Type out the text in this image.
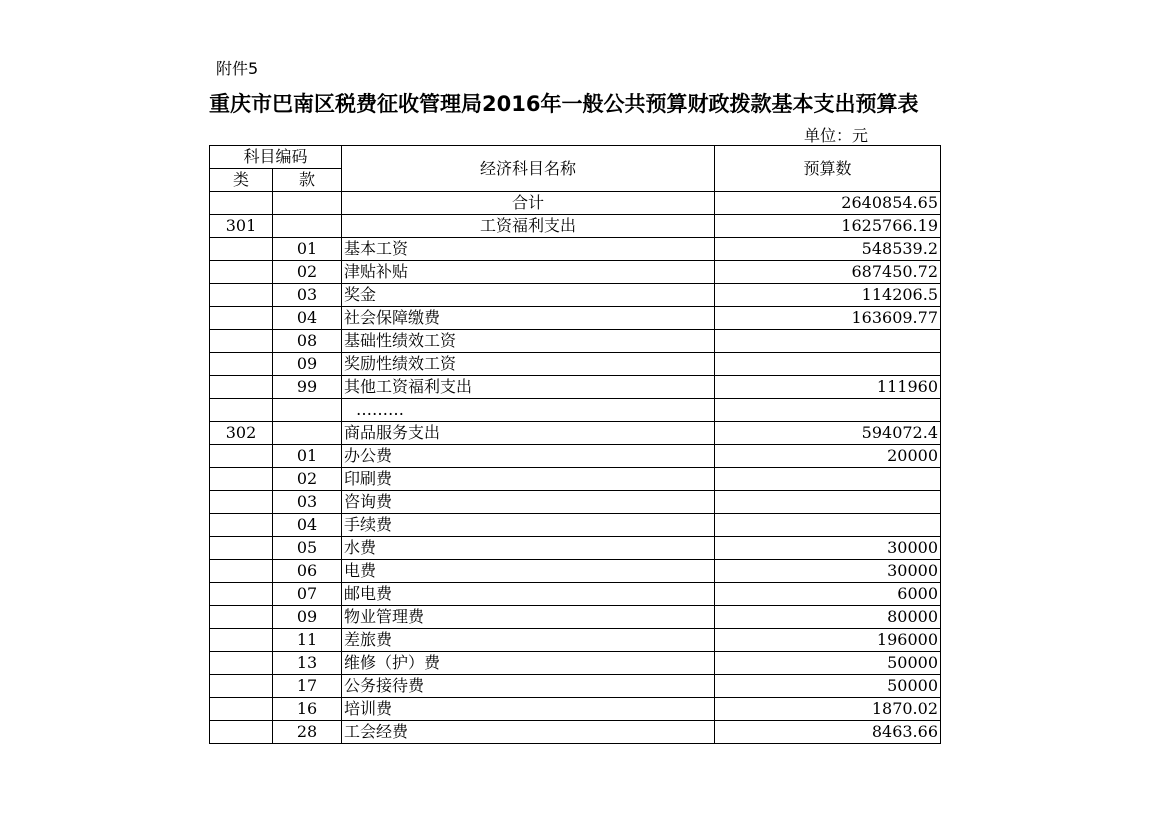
附件5
重庆市巴南区税费征收管理局2016年一般公共预算财政拨款基本支出预算表
单位：元
科目编码		经济科目名称	预算数
类	款		
		合计	2640854.65
301		工资福利支出	1625766.19
	01	基本工资	548539.2
	02	津贴补贴	687450.72
	03	奖金	114206.5
	04	社会保障缴费	163609.77
	08	基础性绩效工资	
	09	奖励性绩效工资	
	99	其他工资福利支出	111960
		………	
302		商品服务支出	594072.4
	01	办公费	20000
	02	印刷费	
	03	咨询费	
	04	手续费	
	05	水费	30000
	06	电费	30000
	07	邮电费	6000
	09	物业管理费	80000
	11	差旅费	196000
	13	维修（护）费	50000
	17	公务接待费	50000
	16	培训费	1870.02
	28	工会经费	8463.66
